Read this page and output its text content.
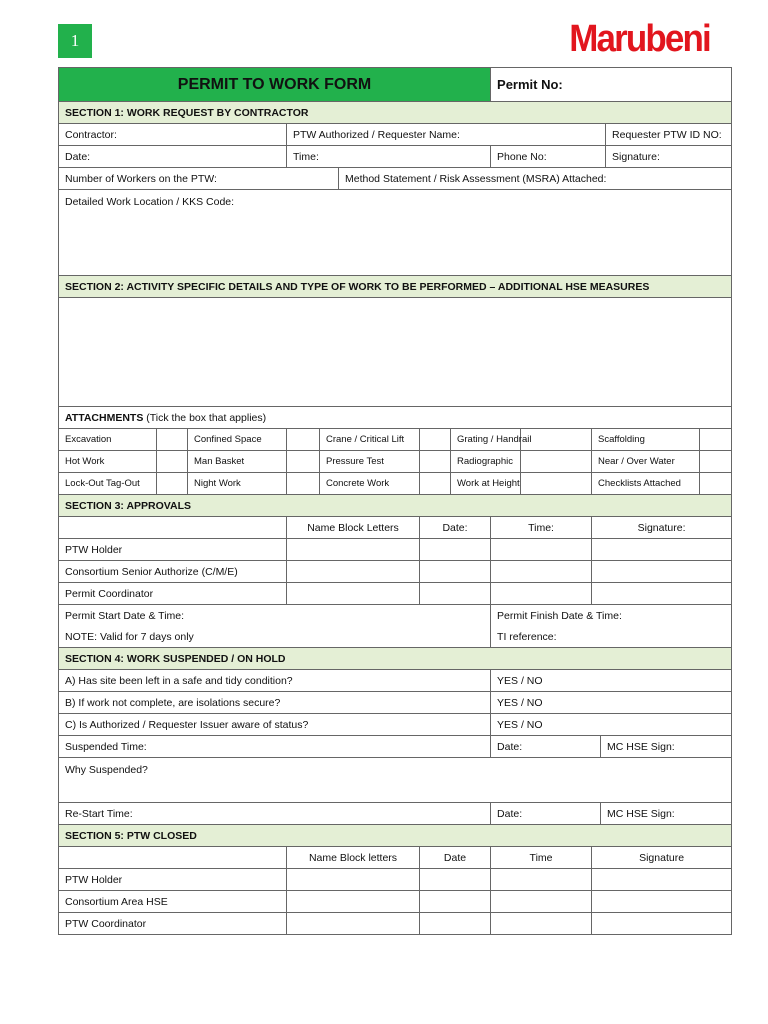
1	Marubeni
PERMIT TO WORK FORM								Permit No:					
SECTION 1: WORK REQUEST BY CONTRACTOR													
Contractor:			PTW Authorized / Requester Name:									Requester PTW ID NO:	
Date:			Time:					Phone No:				Signature:	
Number of Workers on the PTW:					Method Statement / Risk Assessment (MSRA) Attached:								
Detailed Work Location / KKS Code:													
SECTION 2: ACTIVITY SPECIFIC DETAILS AND TYPE OF WORK TO BE PERFORMED – ADDITIONAL HSE MEASURES													

ATTACHMENTS (Tick the box that applies)													
Excavation		Confined Space		Crane / Critical Lift			Grating / Handrail			Scaffolding			
Hot Work		Man Basket		Pressure Test			Radiographic			Near / Over Water			
Lock-Out Tag-Out		Night Work		Concrete Work			Work at Height			Checklists Attached			
SECTION 3: APPROVALS													
			Name Block Letters			Date:		Time:		Signature:			
PTW Holder													
Consortium Senior Authorize (C/M/E)													
Permit Coordinator													
Permit Start Date & Time:								Permit Finish Date & Time:					
NOTE: Valid for 7 days only								TI reference:					
SECTION 4: WORK SUSPENDED / ON HOLD													
A) Has site been left in a safe and tidy condition?								YES / NO					
B) If work not complete, are isolations secure?								YES / NO					
C) Is Authorized / Requester Issuer aware of status?								YES / NO					
Suspended Time:								Date:			MC HSE Sign:		
Why Suspended?													
Re-Start Time:								Date:			MC HSE Sign:		
SECTION 5: PTW CLOSED													
			Name Block letters			Date		Time		Signature			
PTW Holder													
Consortium Area HSE													
PTW Coordinator													
